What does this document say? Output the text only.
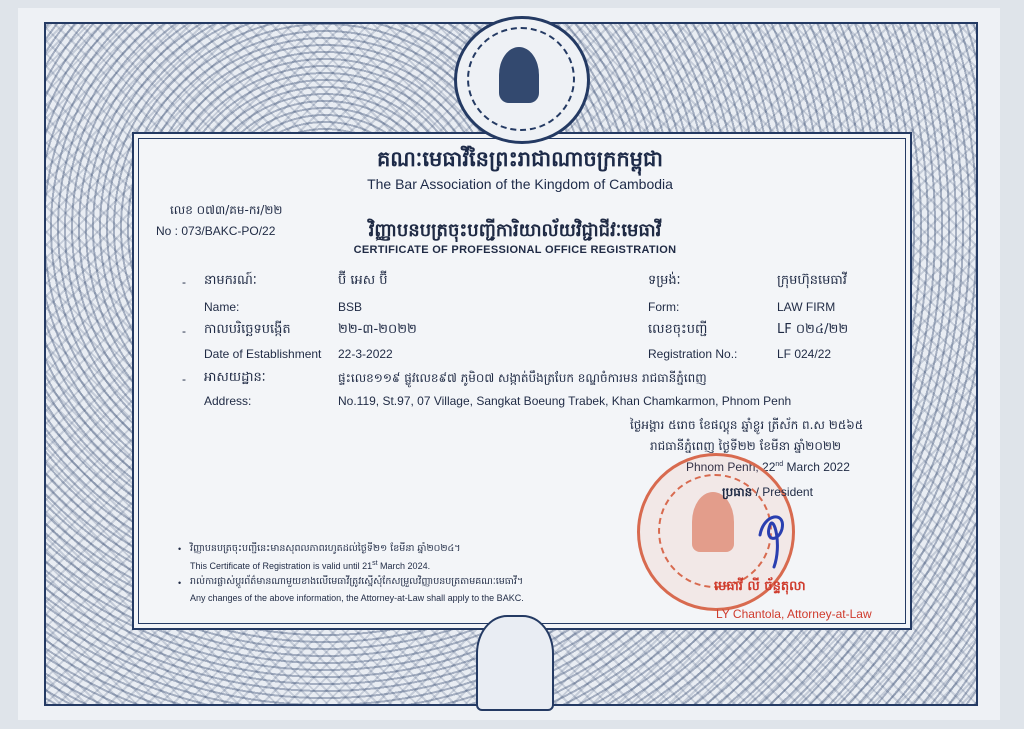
គណៈមេធាវីនៃព្រះរាជាណាចក្រកម្ពុជា
The Bar Association of the Kingdom of Cambodia
លេខ ០៧៣/គម-ករ/២២
No : 073/BAKC-PO/22	វិញ្ញាបនបត្រចុះបញ្ជីការិយាល័យវិជ្ជាជីវៈមេធាវី
CERTIFICATE OF PROFESSIONAL OFFICE REGISTRATION
- នាមករណ៍ៈ	ប៊ី អេស ប៊ី
Name:	BSB
ទម្រង់ៈ	ក្រុមហ៊ុនមេធាវី
Form:	LAW FIRM
- កាលបរិច្ឆេទបង្កើត	២២-៣-២០២២
Date of Establishment 22-3-2022
លេខចុះបញ្ជី	LF ០២៤/២២
Registration No.:	LF 024/22
- អាសយដ្ឋានៈ	ផ្ទះលេខ១១៩ ផ្លូវលេខ៩៧ ភូមិ០៧ សង្កាត់បឹងត្របែក ខណ្ឌចំការមន រាជធានីភ្នំពេញ
Address:	No.119, St.97, 07 Village, Sangkat Boeung Trabek, Khan Chamkarmon, Phnom Penh
ថ្ងៃអង្គារ ៥រោច ខែផល្គុន ឆ្នាំខ្លូរ ត្រីស័ក ព.ស ២៥៦៥
រាជធានីភ្នំពេញ ថ្ងៃទី២២ ខែមីនា ឆ្នាំ២០២២
Phnom Penh, 22nd March 2022
ប្រធាន / President
មេធាវី លី ច័ន្ទតុលា
LY Chantola, Attorney-at-Law
• វិញ្ញាបនបត្រចុះបញ្ជីនេះមានសុពលភាពរហូតដល់ថ្ងៃទី២១ ខែមីនា ឆ្នាំ២០២៤។
This Certificate of Registration is valid until 21st March 2024.
• រាល់ការផ្លាស់ប្តូរព័ត៌មានណាមួយខាងលើមេធាវីត្រូវស្នើសុំកែសម្រួលវិញ្ញាបនបត្រតាមគណៈមេធាវី។
Any changes of the above information, the Attorney-at-Law shall apply to the BAKC.
